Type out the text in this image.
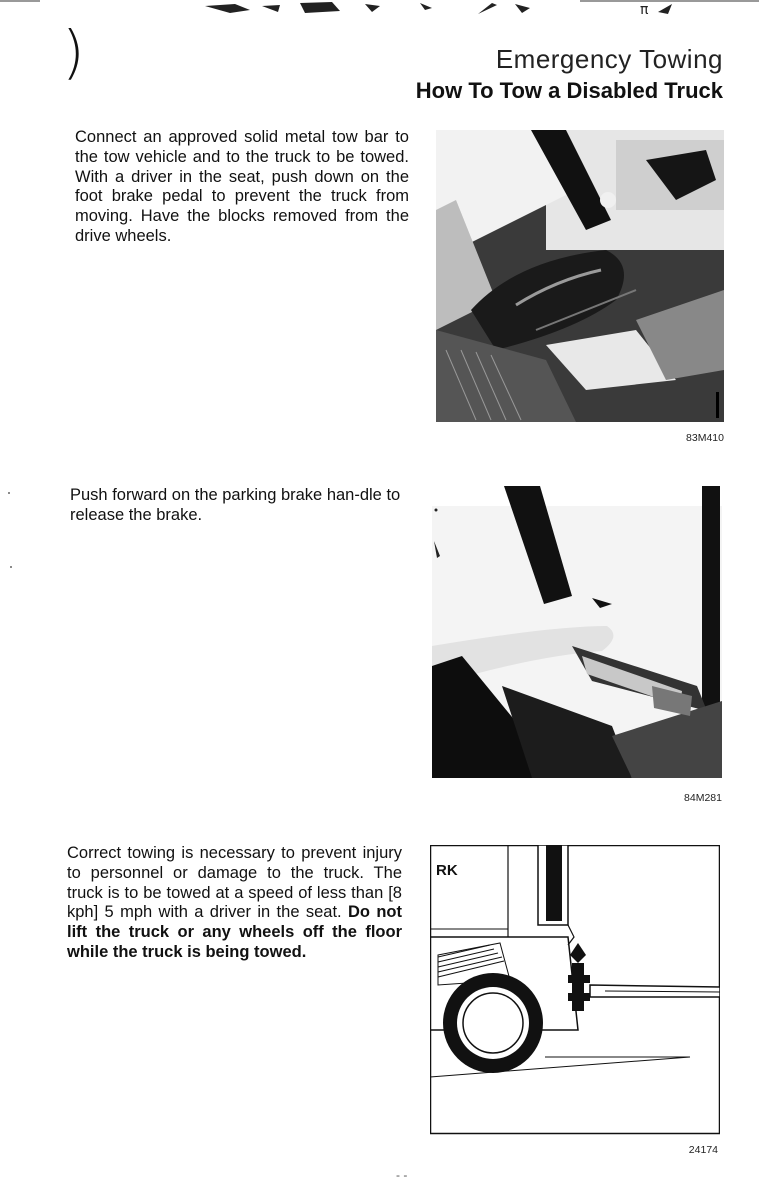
π
)	Emergency Towing
How To Tow a Disabled Truck
Connect an approved solid metal tow bar to the tow vehicle and to the truck to be towed. With a driver in the seat, push down on the foot brake pedal to prevent the truck from moving. Have the blocks removed from the drive wheels.
83M410
Push forward on the parking brake han-dle to release the brake.
84M281
Correct towing is necessary to prevent injury to personnel or damage to the truck. The truck is to be towed at a speed of less than [8 kph] 5 mph with a driver in the seat. Do not lift the truck or any wheels off the floor while the truck is being towed.
RK
24174
- -
